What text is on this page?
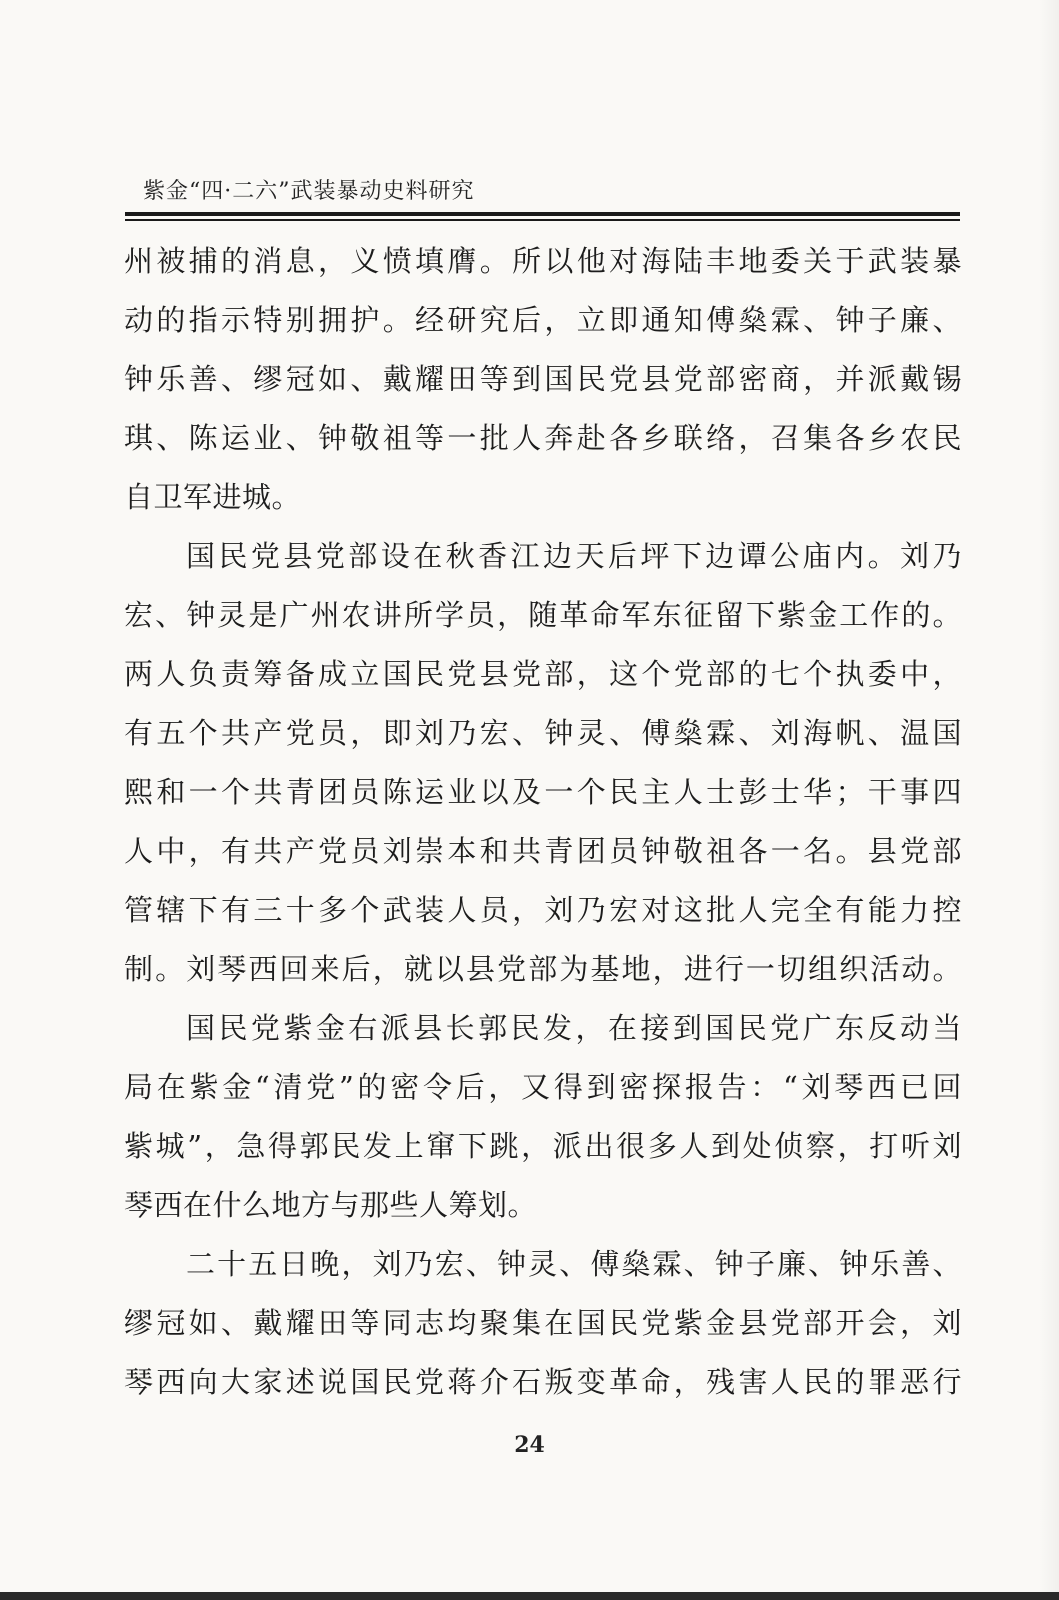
紫金“四·二六”武装暴动史料研究
州被捕的消息，义愤填膺。所以他对海陆丰地委关于武装暴
动的指示特别拥护。经研究后，立即通知傅燊霖、钟子廉、
钟乐善、缪冠如、戴耀田等到国民党县党部密商，并派戴锡
琪、陈运业、钟敬祖等一批人奔赴各乡联络，召集各乡农民
自卫军进城。
国民党县党部设在秋香江边天后坪下边谭公庙内。刘乃
宏、钟灵是广州农讲所学员，随革命军东征留下紫金工作的。
两人负责筹备成立国民党县党部，这个党部的七个执委中，
有五个共产党员，即刘乃宏、钟灵、傅燊霖、刘海帆、温国
熙和一个共青团员陈运业以及一个民主人士彭士华；干事四
人中，有共产党员刘崇本和共青团员钟敬祖各一名。县党部
管辖下有三十多个武装人员，刘乃宏对这批人完全有能力控
制。刘琴西回来后，就以县党部为基地，进行一切组织活动。
国民党紫金右派县长郭民发，在接到国民党广东反动当
局在紫金“清党”的密令后，又得到密探报告：“刘琴西已回
紫城”，急得郭民发上窜下跳，派出很多人到处侦察，打听刘
琴西在什么地方与那些人筹划。
二十五日晚，刘乃宏、钟灵、傅燊霖、钟子廉、钟乐善、
缪冠如、戴耀田等同志均聚集在国民党紫金县党部开会，刘
琴西向大家述说国民党蒋介石叛变革命，残害人民的罪恶行
24
